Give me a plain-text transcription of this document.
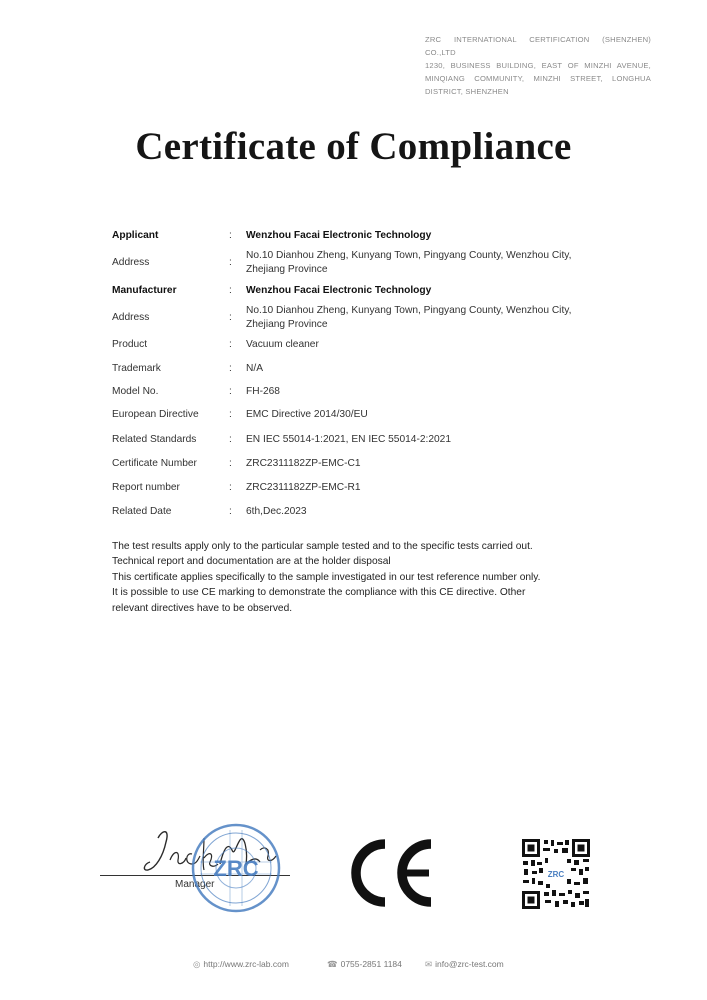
ZRC INTERNATIONAL CERTIFICATION (SHENZHEN) CO.,LTD
1230, BUSINESS BUILDING, EAST OF MINZHI AVENUE,
MINQIANG COMMUNITY, MINZHI STREET, LONGHUA
DISTRICT, SHENZHEN
Certificate of Compliance
Applicant	: Wenzhou Facai Electronic Technology
Address	:
No.10 Dianhou Zheng, Kunyang Town, Pingyang County, Wenzhou City, Zhejiang Province
Manufacturer	: Wenzhou Facai Electronic Technology
Address	:
No.10 Dianhou Zheng, Kunyang Town, Pingyang County, Wenzhou City, Zhejiang Province
Product	: Vacuum cleaner
Trademark	: N/A
Model No.	: FH-268
European Directive	: EMC Directive 2014/30/EU
Related Standards	: EN IEC 55014-1:2021, EN IEC 55014-2:2021
Certificate Number	: ZRC2311182ZP-EMC-C1
Report number	: ZRC2311182ZP-EMC-R1
Related Date	: 6th,Dec.2023
The test results apply only to the particular sample tested and to the specific tests carried out.
Technical report and documentation are at the holder disposal
This certificate applies specifically to the sample investigated in our test reference number only.
It is possible to use CE marking to demonstrate the compliance with this CE directive. Other
relevant directives have to be observed.
Manager
ZRC	ZRC
◎ http://www.zrc-lab.com	☎ 0755-2851 1184	✉ info@zrc-test.com
